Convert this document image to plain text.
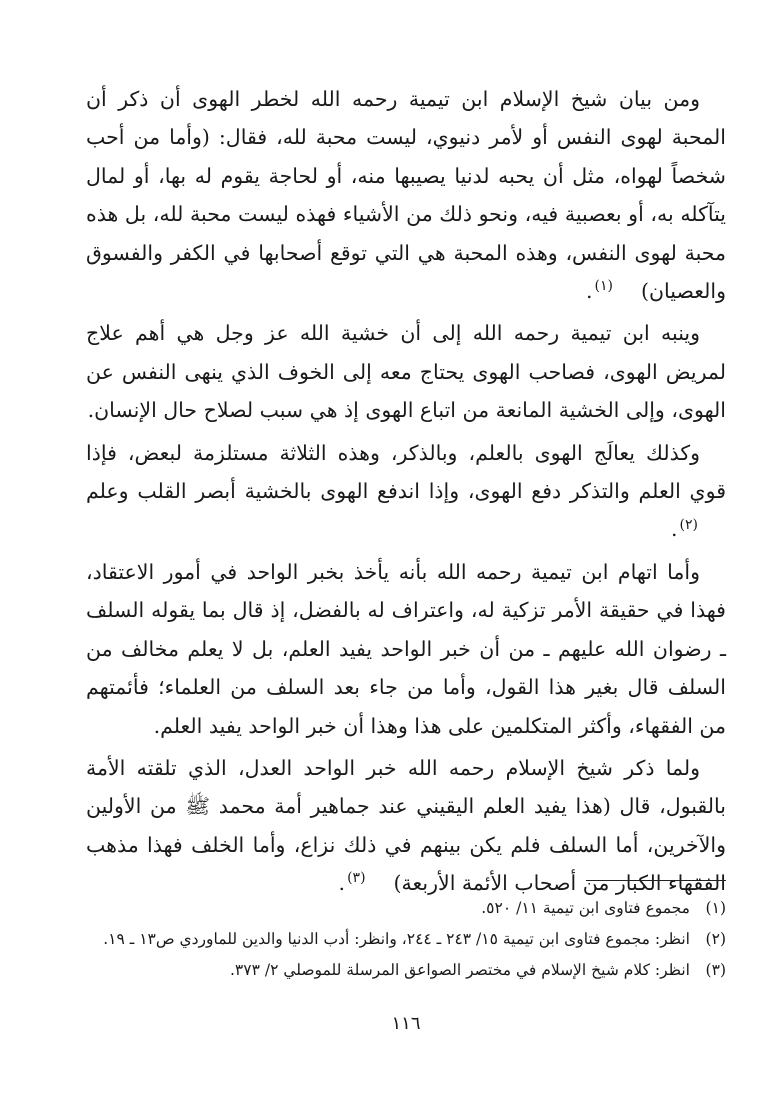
ومن بيان شيخ الإسلام ابن تيمية رحمه الله لخطر الهوى أن ذكر أن المحبة لهوى النفس أو لأمر دنيوي، ليست محبة لله، فقال: (وأما من أحب شخصاً لهواه، مثل أن يحبه لدنيا يصيبها منه، أو لحاجة يقوم له بها، أو لمال يتآكله به، أو بعصبية فيه، ونحو ذلك من الأشياء فهذه ليست محبة لله، بل هذه محبة لهوى النفس، وهذه المحبة هي التي توقع أصحابها في الكفر والفسوق والعصيان)(١).

وينبه ابن تيمية رحمه الله إلى أن خشية الله عز وجل هي أهم علاج لمريض الهوى، فصاحب الهوى يحتاج معه إلى الخوف الذي ينهى النفس عن الهوى، وإلى الخشية المانعة من اتباع الهوى إذ هي سبب لصلاح حال الإنسان.

وكذلك يعالَج الهوى بالعلم، وبالذكر، وهذه الثلاثة مستلزمة لبعض، فإذا قوي العلم والتذكر دفع الهوى، وإذا اندفع الهوى بالخشية أبصر القلب وعلم(٢).

وأما اتهام ابن تيمية رحمه الله بأنه يأخذ بخبر الواحد في أمور الاعتقاد، فهذا في حقيقة الأمر تزكية له، واعتراف له بالفضل، إذ قال بما يقوله السلف ـ رضوان الله عليهم ـ من أن خبر الواحد يفيد العلم، بل لا يعلم مخالف من السلف قال بغير هذا القول، وأما من جاء بعد السلف من العلماء؛ فأئمتهم من الفقهاء، وأكثر المتكلمين على هذا وهذا أن خبر الواحد يفيد العلم.

ولما ذكر شيخ الإسلام رحمه الله خبر الواحد العدل، الذي تلقته الأمة بالقبول، قال (هذا يفيد العلم اليقيني عند جماهير أمة محمد ﷺ من الأولين والآخرين، أما السلف فلم يكن بينهم في ذلك نزاع، وأما الخلف فهذا مذهب الفقهاء الكبار من أصحاب الأئمة الأربعة)(٣).

(١)
مجموع فتاوى ابن تيمية ١١/ ٥٢٠.
(٢)
انظر: مجموع فتاوى ابن تيمية ١٥/ ٢٤٣ ـ ٢٤٤، وانظر: أدب الدنيا والدين للماوردي ص١٣ ـ ١٩.
(٣)
انظر: كلام شيخ الإسلام في مختصر الصواعق المرسلة للموصلي ٢/ ٣٧٣.
١١٦
